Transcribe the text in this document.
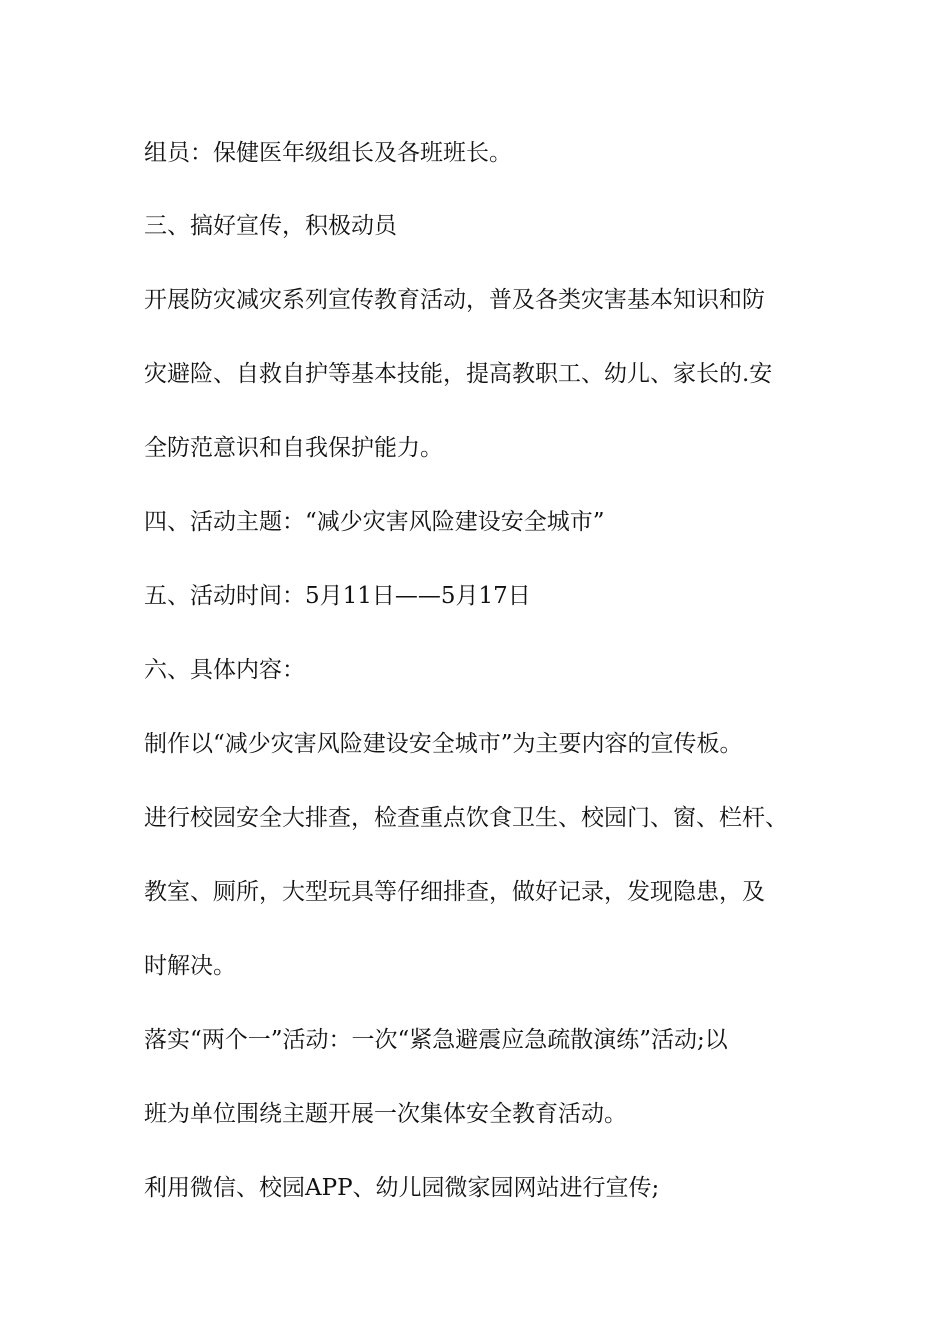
组员：保健医年级组长及各班班长。

三、搞好宣传，积极动员

开展防灾减灾系列宣传教育活动，普及各类灾害基本知识和防

灾避险、自救自护等基本技能，提高教职工、幼儿、家长的.安

全防范意识和自我保护能力。

四、活动主题：“减少灾害风险建设安全城市”

五、活动时间：5月11日——5月17日

六、具体内容：

制作以“减少灾害风险建设安全城市”为主要内容的宣传板。

进行校园安全大排查，检查重点饮食卫生、校园门、窗、栏杆、

教室、厕所，大型玩具等仔细排查，做好记录，发现隐患，及

时解决。

落实“两个一”活动：一次“紧急避震应急疏散演练”活动;以

班为单位围绕主题开展一次集体安全教育活动。

利用微信、校园APP、幼儿园微家园网站进行宣传;
